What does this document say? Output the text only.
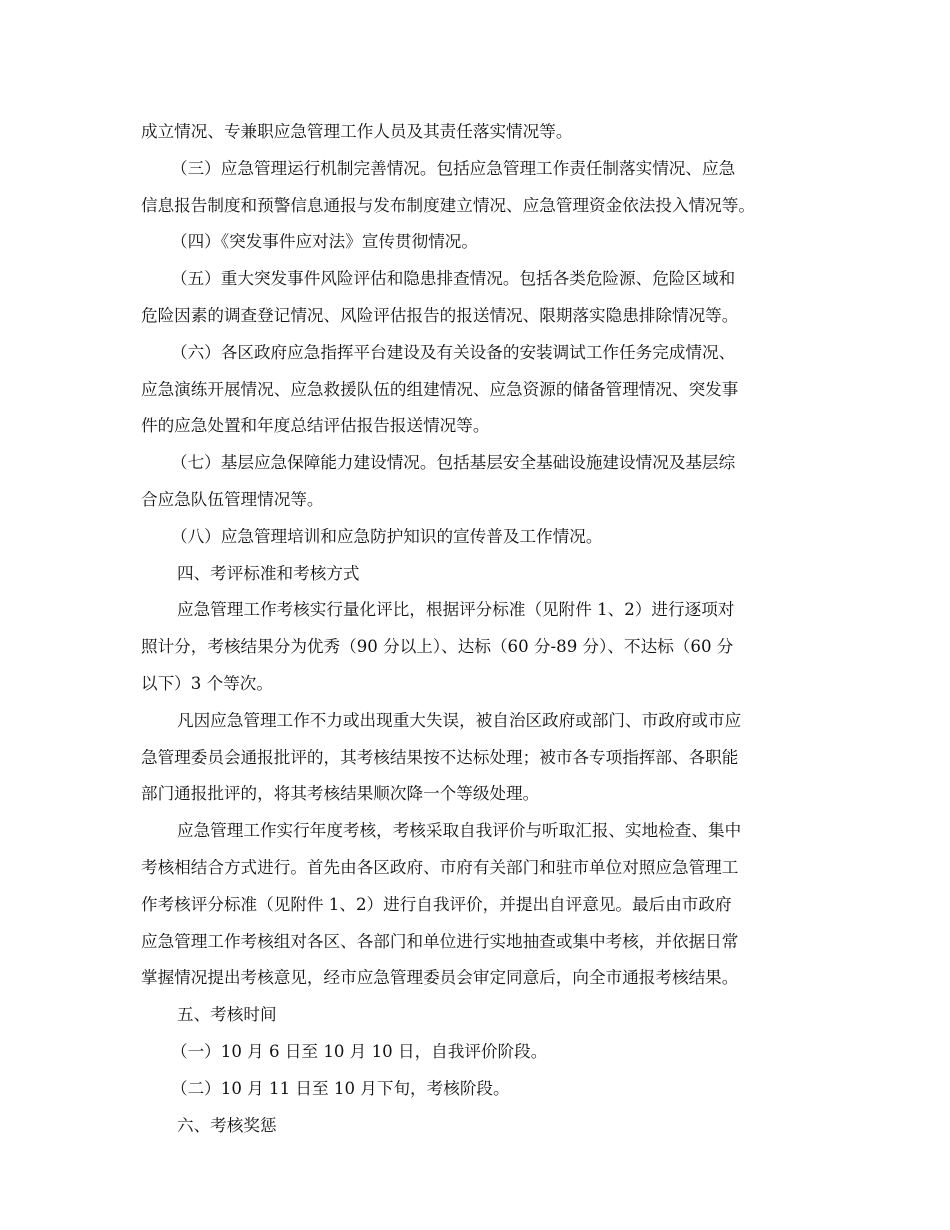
成立情况、专兼职应急管理工作人员及其责任落实情况等。
（三）应急管理运行机制完善情况。包括应急管理工作责任制落实情况、应急
信息报告制度和预警信息通报与发布制度建立情况、应急管理资金依法投入情况等。
（四）《突发事件应对法》宣传贯彻情况。
（五）重大突发事件风险评估和隐患排查情况。包括各类危险源、危险区域和
危险因素的调查登记情况、风险评估报告的报送情况、限期落实隐患排除情况等。
（六）各区政府应急指挥平台建设及有关设备的安装调试工作任务完成情况、
应急演练开展情况、应急救援队伍的组建情况、应急资源的储备管理情况、突发事
件的应急处置和年度总结评估报告报送情况等。
（七）基层应急保障能力建设情况。包括基层安全基础设施建设情况及基层综
合应急队伍管理情况等。
（八）应急管理培训和应急防护知识的宣传普及工作情况。
四、考评标准和考核方式
应急管理工作考核实行量化评比，根据评分标准（见附件 1、2）进行逐项对
照计分，考核结果分为优秀（90 分以上）、达标（60 分-89 分）、不达标（60 分
以下）3 个等次。
凡因应急管理工作不力或出现重大失误，被自治区政府或部门、市政府或市应
急管理委员会通报批评的，其考核结果按不达标处理；被市各专项指挥部、各职能
部门通报批评的，将其考核结果顺次降一个等级处理。
应急管理工作实行年度考核，考核采取自我评价与听取汇报、实地检查、集中
考核相结合方式进行。首先由各区政府、市府有关部门和驻市单位对照应急管理工
作考核评分标准（见附件 1、2）进行自我评价，并提出自评意见。最后由市政府
应急管理工作考核组对各区、各部门和单位进行实地抽查或集中考核，并依据日常
掌握情况提出考核意见，经市应急管理委员会审定同意后，向全市通报考核结果。
五、考核时间
（一）10 月 6 日至 10 月 10 日，自我评价阶段。
（二）10 月 11 日至 10 月下旬，考核阶段。
六、考核奖惩
